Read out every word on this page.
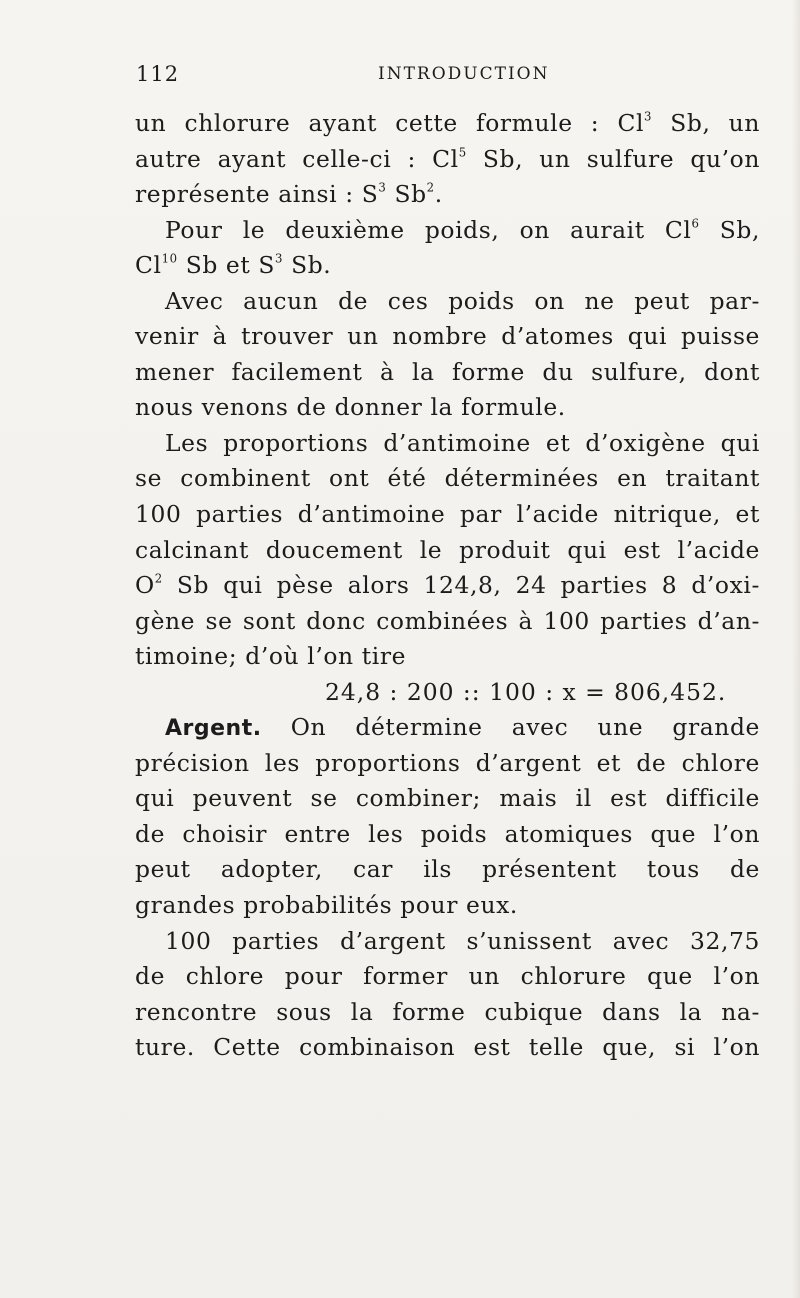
112	INTRODUCTION
un chlorure ayant cette formule : Cl$^3$ Sb, un
autre ayant celle-ci : Cl$^5$ Sb, un sulfure qu’on
représente ainsi : $S^3$ Sb$^2$.
Pour le deuxième poids, on aurait Cl$^6$ Sb,
Cl$^{10}$ Sb et $S^3$ Sb.
Avec aucun de ces poids on ne peut par-
venir à trouver un nombre d’atomes qui puisse
mener facilement à la forme du sulfure, dont
nous venons de donner la formule.
Les proportions d’antimoine et d’oxigène qui
se combinent ont été déterminées en traitant
100 parties d’antimoine par l’acide nitrique, et
calcinant doucement le produit qui est l’acide
$O^2$ Sb qui pèse alors 124,8, 24 parties 8 d’oxi-
gène se sont donc combinées à 100 parties d’an-
timoine; d’où l’on tire
24,8 : 200 :: 100 : x = 806,452.
Argent. On détermine avec une grande
précision les proportions d’argent et de chlore
qui peuvent se combiner; mais il est difficile
de choisir entre les poids atomiques que l’on
peut adopter, car ils présentent tous de
grandes probabilités pour eux.
100 parties d’argent s’unissent avec 32,75
de chlore pour former un chlorure que l’on
rencontre sous la forme cubique dans la na-
ture. Cette combinaison est telle que, si l’on
